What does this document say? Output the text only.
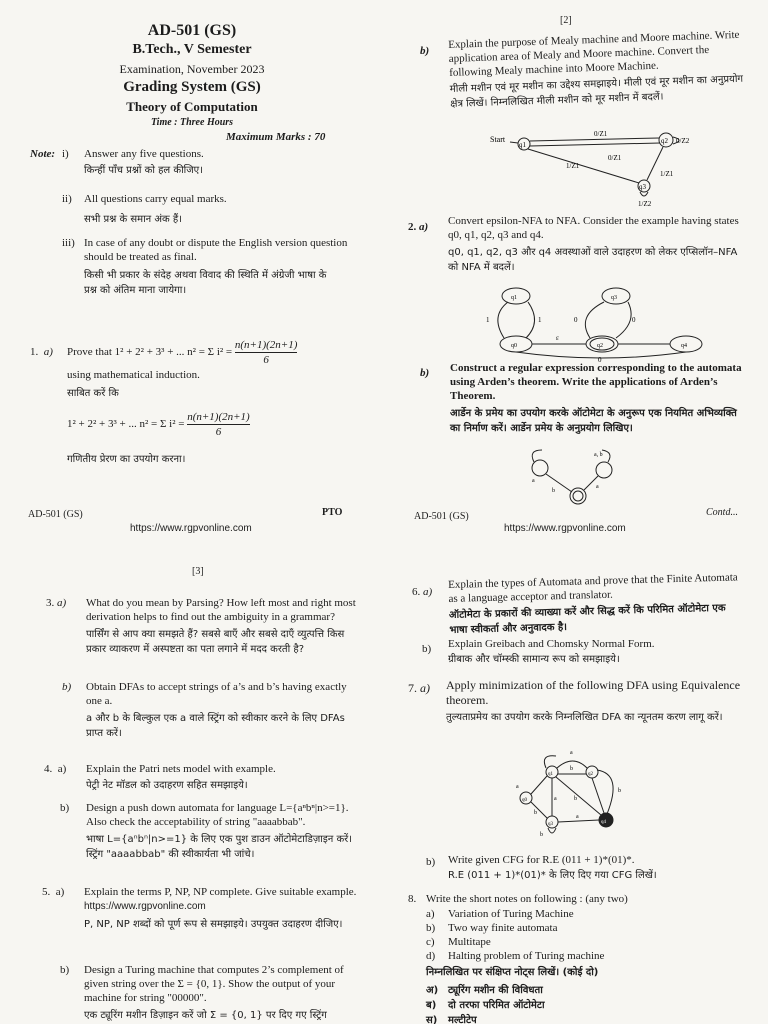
AD-501 (GS)
B.Tech., V Semester
Examination, November 2023
Grading System (GS)
Theory of Computation
Time : Three Hours
Maximum Marks : 70
Note: i)	Answer any five questions.
किन्हीं पाँच प्रश्नों को हल कीजिए।
ii)	All questions carry equal marks.
सभी प्रश्न के समान अंक हैं।
iii) In case of any doubt or dispute the English version question should be treated as final.
किसी भी प्रकार के संदेह अथवा विवाद की स्थिति में अंग्रेजी भाषा के प्रश्न को अंतिम माना जायेगा।
1. a) Prove that 1² + 2² + 3³ + ... n² = Σ $i^2 = \frac{n(n+1)(2n+1)}{6}$
using mathematical induction.
साबित करें कि
1² + 2² + 3³ + ... n² = Σ $i^2 = \frac{n(n+1)(2n+1)}{6}$
गणितीय प्रेरण का उपयोग करना।
AD-501 (GS)	PTO
https://www.rgpvonline.com
[2]
b)
Explain the purpose of Mealy machine and Moore machine. Write application area of Mealy and Moore machine. Convert the following Mealy machine into Moore Machine.
मीली मशीन एवं मूर मशीन का उद्देश्य समझाइये। मीली एवं मूर मशीन का अनुप्रयोग क्षेत्र लिखें। निम्नलिखित मीली मशीन को मूर मशीन में बदलें।
Start
q1	q2
q3
0/Z1
1/Z1
1/Z1
0/Z1
0/Z2
1/Z2
2. a) Convert epsilon-NFA to NFA. Consider the example having states q0, q1, q2, q3 and q4.
q0, q1, q2, q3 और q4 अवस्थाओं वाले उदाहरण को लेकर एप्सिलॉन–NFA को NFA में बदलें।
q1	q3
q0	q2	q4
1	1	0	0
ε
0
b) Construct a regular expression corresponding to the automata using Arden’s theorem. Write the applications of Arden’s Theorem.
आर्डेन के प्रमेय का उपयोग करके ऑटोमेटा के अनुरूप एक नियमित अभिव्यक्ति का निर्माण करें। आर्डेन प्रमेय के अनुप्रयोग लिखिए।
a, b
a
b
a
AD-501 (GS)	Contd...
https://www.rgpvonline.com
[3]
3. a) What do you mean by Parsing? How left most and right most derivation helps to find out the ambiguity in a grammar?
पार्सिंग से आप क्या समझते हैं? सबसे बाएँ और सबसे दाएँ व्युत्पत्ति किस प्रकार व्याकरण में अस्पष्टता का पता लगाने में मदद करती है?
b) Obtain DFAs to accept strings of a’s and b’s having exactly one a.
a और b के बिल्कुल एक a वाले स्ट्रिंग को स्वीकार करने के लिए DFAs प्राप्त करें।
4. a) Explain the Patri nets model with example.
पेट्री नेट मॉडल को उदाहरण सहित समझाइये।
b) Design a push down automata for language L={aⁿbⁿ|n>=1}. Also check the acceptability of string "aaaabbab".
भाषा L={aⁿbⁿ|n>=1} के लिए एक पुश डाउन ऑटोमेटाडिज़ाइन करें। स्ट्रिंग "aaaabbab" की स्वीकार्यता भी जांचे।
5. a) Explain the terms P, NP, NP complete. Give suitable example. https://www.rgpvonline.com
P, NP, NP शब्दों को पूर्ण रूप से समझाइये। उपयुक्त उदाहरण दीजिए।
b) Design a Turing machine that computes 2’s complement of given string over the Σ = {0, 1}. Show the output of your machine for string "00000".
एक ट्यूरिंग मशीन डिज़ाइन करें जो Σ = {0, 1} पर दिए गए स्ट्रिंग
6. a)
Explain the types of Automata and prove that the Finite Automata as a language acceptor and translator.
ऑटोमेटा के प्रकारों की व्याख्या करें और सिद्ध करें कि परिमित ऑटोमेटा एक भाषा स्वीकर्ता और अनुवादक है।
b) Explain Greibach and Chomsky Normal Form.
ग्रीबाक और चॉम्स्की सामान्य रूप को समझाइये।
7. a) Apply minimization of the following DFA using Equivalence theorem.
तुल्यताप्रमेय का उपयोग करके निम्नलिखित DFA का न्यूनतम करण लागू करें।
a
q1	q2
q0
q3	q4
a
b
b
a	b
a
b
b
b) Write given CFG for R.E (011 + 1)*(01)*.
R.E (011 + 1)*(01)* के लिए दिए गया CFG लिखें।
8. Write the short notes on following : (any two)
a)	Variation of Turing Machine
b)	Two way finite automata
c)	Multitape
d)	Halting problem of Turing machine
निम्नलिखित पर संक्षिप्त नोट्स लिखें। (कोई दो)
अ) ट्यूरिंग मशीन की विविधता
ब)	दो तरफा परिमित ऑटोमेटा
स)	मल्टीटेप
